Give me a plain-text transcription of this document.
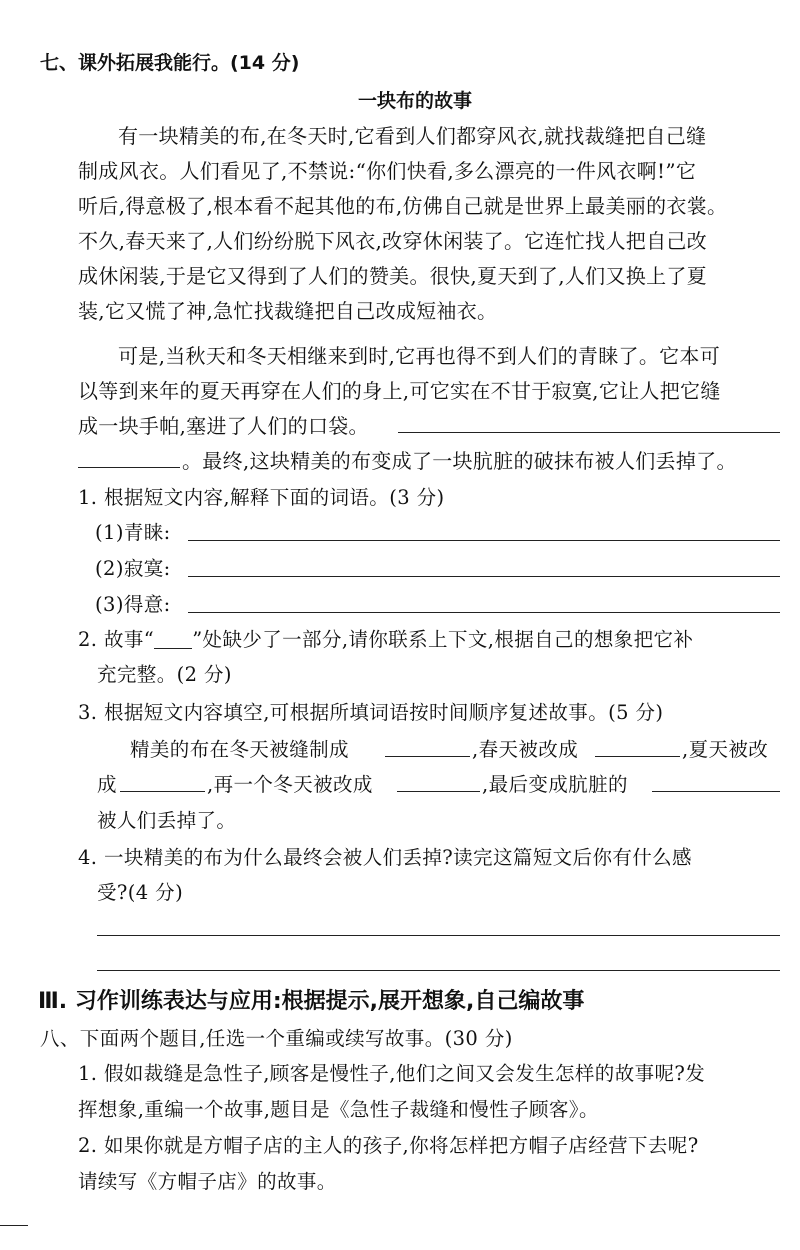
七、课外拓展我能行。(14 分)
一块布的故事
有一块精美的布,在冬天时,它看到人们都穿风衣,就找裁缝把自己缝
制成风衣。人们看见了,不禁说:“你们快看,多么漂亮的一件风衣啊!”它
听后,得意极了,根本看不起其他的布,仿佛自己就是世界上最美丽的衣裳。
不久,春天来了,人们纷纷脱下风衣,改穿休闲装了。它连忙找人把自己改
成休闲装,于是它又得到了人们的赞美。很快,夏天到了,人们又换上了夏
装,它又慌了神,急忙找裁缝把自己改成短袖衣。
可是,当秋天和冬天相继来到时,它再也得不到人们的青睐了。它本可
以等到来年的夏天再穿在人们的身上,可它实在不甘于寂寞,它让人把它缝
成一块手帕,塞进了人们的口袋。
。最终,这块精美的布变成了一块肮脏的破抹布被人们丢掉了。
1. 根据短文内容,解释下面的词语。(3 分)
(1)青睐:
(2)寂寞:
(3)得意:
2. 故事“ ”处缺少了一部分,请你联系上下文,根据自己的想象把它补
充完整。(2 分)
3. 根据短文内容填空,可根据所填词语按时间顺序复述故事。(5 分)
精美的布在冬天被缝制成	,春天被改成	,夏天被改
成	,再一个冬天被改成	,最后变成肮脏的
被人们丢掉了。
4. 一块精美的布为什么最终会被人们丢掉?读完这篇短文后你有什么感
受?(4 分)
Ⅲ. 习作训练表达与应用:根据提示,展开想象,自己编故事
八、下面两个题目,任选一个重编或续写故事。(30 分)
1. 假如裁缝是急性子,顾客是慢性子,他们之间又会发生怎样的故事呢?发
挥想象,重编一个故事,题目是《急性子裁缝和慢性子顾客》。
2. 如果你就是方帽子店的主人的孩子,你将怎样把方帽子店经营下去呢?
请续写《方帽子店》的故事。
